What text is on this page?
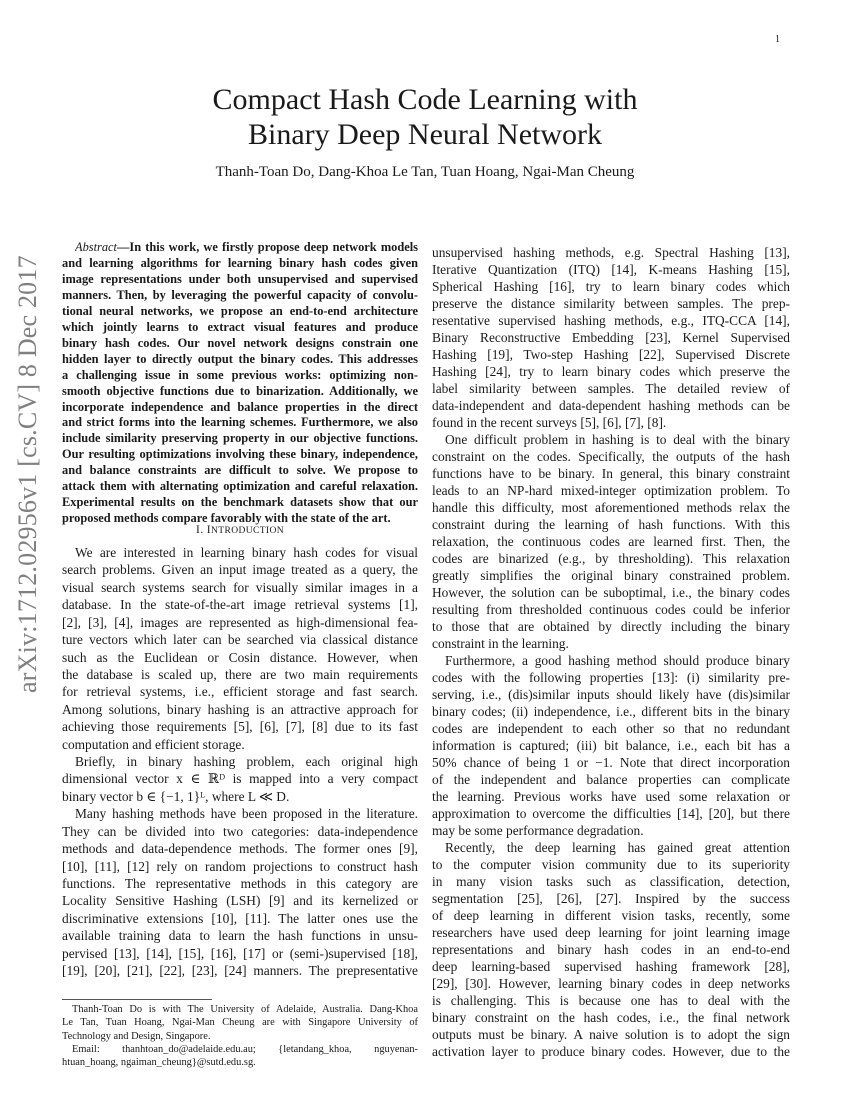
1
arXiv:1712.02956v1 [cs.CV] 8 Dec 2017
Compact Hash Code Learning with
Binary Deep Neural Network
Thanh-Toan Do, Dang-Khoa Le Tan, Tuan Hoang, Ngai-Man Cheung
Abstract—In this work, we firstly propose deep network models
and learning algorithms for learning binary hash codes given
image representations under both unsupervised and supervised
manners. Then, by leveraging the powerful capacity of convolu-
tional neural networks, we propose an end-to-end architecture
which jointly learns to extract visual features and produce
binary hash codes. Our novel network designs constrain one
hidden layer to directly output the binary codes. This addresses
a challenging issue in some previous works: optimizing non-
smooth objective functions due to binarization. Additionally, we
incorporate independence and balance properties in the direct
and strict forms into the learning schemes. Furthermore, we also
include similarity preserving property in our objective functions.
Our resulting optimizations involving these binary, independence,
and balance constraints are difficult to solve. We propose to
attack them with alternating optimization and careful relaxation.
Experimental results on the benchmark datasets show that our
proposed methods compare favorably with the state of the art.
I. INTRODUCTION
We are interested in learning binary hash codes for visual
search problems. Given an input image treated as a query, the
visual search systems search for visually similar images in a
database. In the state-of-the-art image retrieval systems [1],
[2], [3], [4], images are represented as high-dimensional fea-
ture vectors which later can be searched via classical distance
such as the Euclidean or Cosin distance. However, when
the database is scaled up, there are two main requirements
for retrieval systems, i.e., efficient storage and fast search.
Among solutions, binary hashing is an attractive approach for
achieving those requirements [5], [6], [7], [8] due to its fast
computation and efficient storage.
Briefly, in binary hashing problem, each original high
dimensional vector x ∈ ℝᴰ is mapped into a very compact
binary vector b ∈ {−1, 1}ᴸ, where L ≪ D.
Many hashing methods have been proposed in the literature.
They can be divided into two categories: data-independence
methods and data-dependence methods. The former ones [9],
[10], [11], [12] rely on random projections to construct hash
functions. The representative methods in this category are
Locality Sensitive Hashing (LSH) [9] and its kernelized or
discriminative extensions [10], [11]. The latter ones use the
available training data to learn the hash functions in unsu-
pervised [13], [14], [15], [16], [17] or (semi-)supervised [18],
[19], [20], [21], [22], [23], [24] manners. The prepresentative
unsupervised hashing methods, e.g. Spectral Hashing [13],
Iterative Quantization (ITQ) [14], K-means Hashing [15],
Spherical Hashing [16], try to learn binary codes which
preserve the distance similarity between samples. The prep-
resentative supervised hashing methods, e.g., ITQ-CCA [14],
Binary Reconstructive Embedding [23], Kernel Supervised
Hashing [19], Two-step Hashing [22], Supervised Discrete
Hashing [24], try to learn binary codes which preserve the
label similarity between samples. The detailed review of
data-independent and data-dependent hashing methods can be
found in the recent surveys [5], [6], [7], [8].
One difficult problem in hashing is to deal with the binary
constraint on the codes. Specifically, the outputs of the hash
functions have to be binary. In general, this binary constraint
leads to an NP-hard mixed-integer optimization problem. To
handle this difficulty, most aforementioned methods relax the
constraint during the learning of hash functions. With this
relaxation, the continuous codes are learned first. Then, the
codes are binarized (e.g., by thresholding). This relaxation
greatly simplifies the original binary constrained problem.
However, the solution can be suboptimal, i.e., the binary codes
resulting from thresholded continuous codes could be inferior
to those that are obtained by directly including the binary
constraint in the learning.
Furthermore, a good hashing method should produce binary
codes with the following properties [13]: (i) similarity pre-
serving, i.e., (dis)similar inputs should likely have (dis)similar
binary codes; (ii) independence, i.e., different bits in the binary
codes are independent to each other so that no redundant
information is captured; (iii) bit balance, i.e., each bit has a
50% chance of being 1 or −1. Note that direct incorporation
of the independent and balance properties can complicate
the learning. Previous works have used some relaxation or
approximation to overcome the difficulties [14], [20], but there
may be some performance degradation.
Recently, the deep learning has gained great attention
to the computer vision community due to its superiority
in many vision tasks such as classification, detection,
segmentation [25], [26], [27]. Inspired by the success
of deep learning in different vision tasks, recently, some
researchers have used deep learning for joint learning image
representations and binary hash codes in an end-to-end
deep learning-based supervised hashing framework [28],
[29], [30]. However, learning binary codes in deep networks
is challenging. This is because one has to deal with the
binary constraint on the hash codes, i.e., the final network
outputs must be binary. A naive solution is to adopt the sign
activation layer to produce binary codes. However, due to the
Thanh-Toan Do is with The University of Adelaide, Australia. Dang-Khoa
Le Tan, Tuan Hoang, Ngai-Man Cheung are with Singapore University of
Technology and Design, Singapore.
Email: thanhtoan_do@adelaide.edu.au; {letandang_khoa, nguyenan-
htuan_hoang, ngaiman_cheung}@sutd.edu.sg.
